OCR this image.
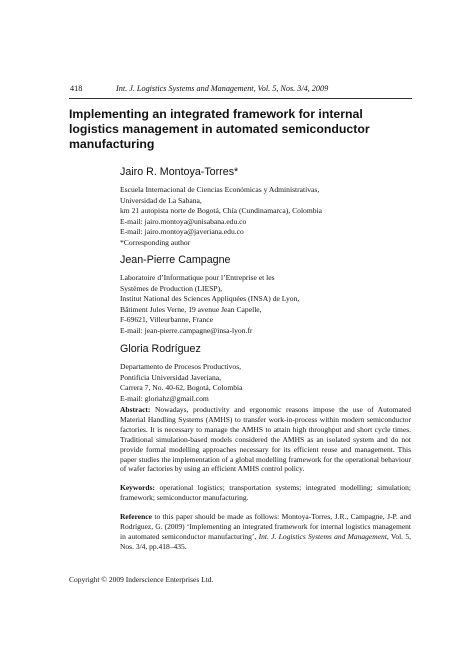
418	Int. J. Logistics Systems and Management, Vol. 5, Nos. 3/4, 2009
Implementing an integrated framework for internal logistics management in automated semiconductor manufacturing
Jairo R. Montoya-Torres*
Escuela Internacional de Ciencias Económicas y Administrativas,
Universidad de La Sabana,
km 21 autopista norte de Bogotá, Chía (Cundinamarca), Colombia
E-mail: jairo.montoya@unisabana.edu.co
E-mail: jairo.montoya@javeriana.edu.co
*Corresponding author
Jean-Pierre Campagne
Laboratoire d’Informatique pour l’Entreprise et les
Systèmes de Production (LIESP),
Institut National des Sciences Appliquées (INSA) de Lyon,
Bâtiment Jules Verne, 19 avenue Jean Capelle,
F-69621, Villeurbanne, France
E-mail: jean-pierre.campagne@insa-lyon.fr
Gloria Rodríguez
Departamento de Procesos Productivos,
Pontificia Universidad Javeriana,
Carrera 7, No. 40-62, Bogotá, Colombia
E-mail: gloriahz@gmail.com

Abstract: Nowadays, productivity and ergonomic reasons impose the use of Automated Material Handling Systems (AMHS) to transfer work-in-process within modern semiconductor factories. It is necessary to manage the AMHS to attain high throughput and short cycle times. Traditional simulation-based models considered the AMHS as an isolated system and do not provide formal modelling approaches necessary for its efficient reuse and management. This paper studies the implementation of a global modelling framework for the operational behaviour of wafer factories by using an efficient AMHS control policy.

Keywords: operational logistics; transportation systems; integrated modelling; simulation; framework; semiconductor manufacturing.

Reference to this paper should be made as follows: Montoya-Torres, J.R., Campagne, J-P. and Rodríguez, G. (2009) ‘Implementing an integrated framework for internal logistics management in automated semiconductor manufacturing’, Int. J. Logistics Systems and Management, Vol. 5, Nos. 3/4, pp.418–435.

Copyright © 2009 Inderscience Enterprises Ltd.
